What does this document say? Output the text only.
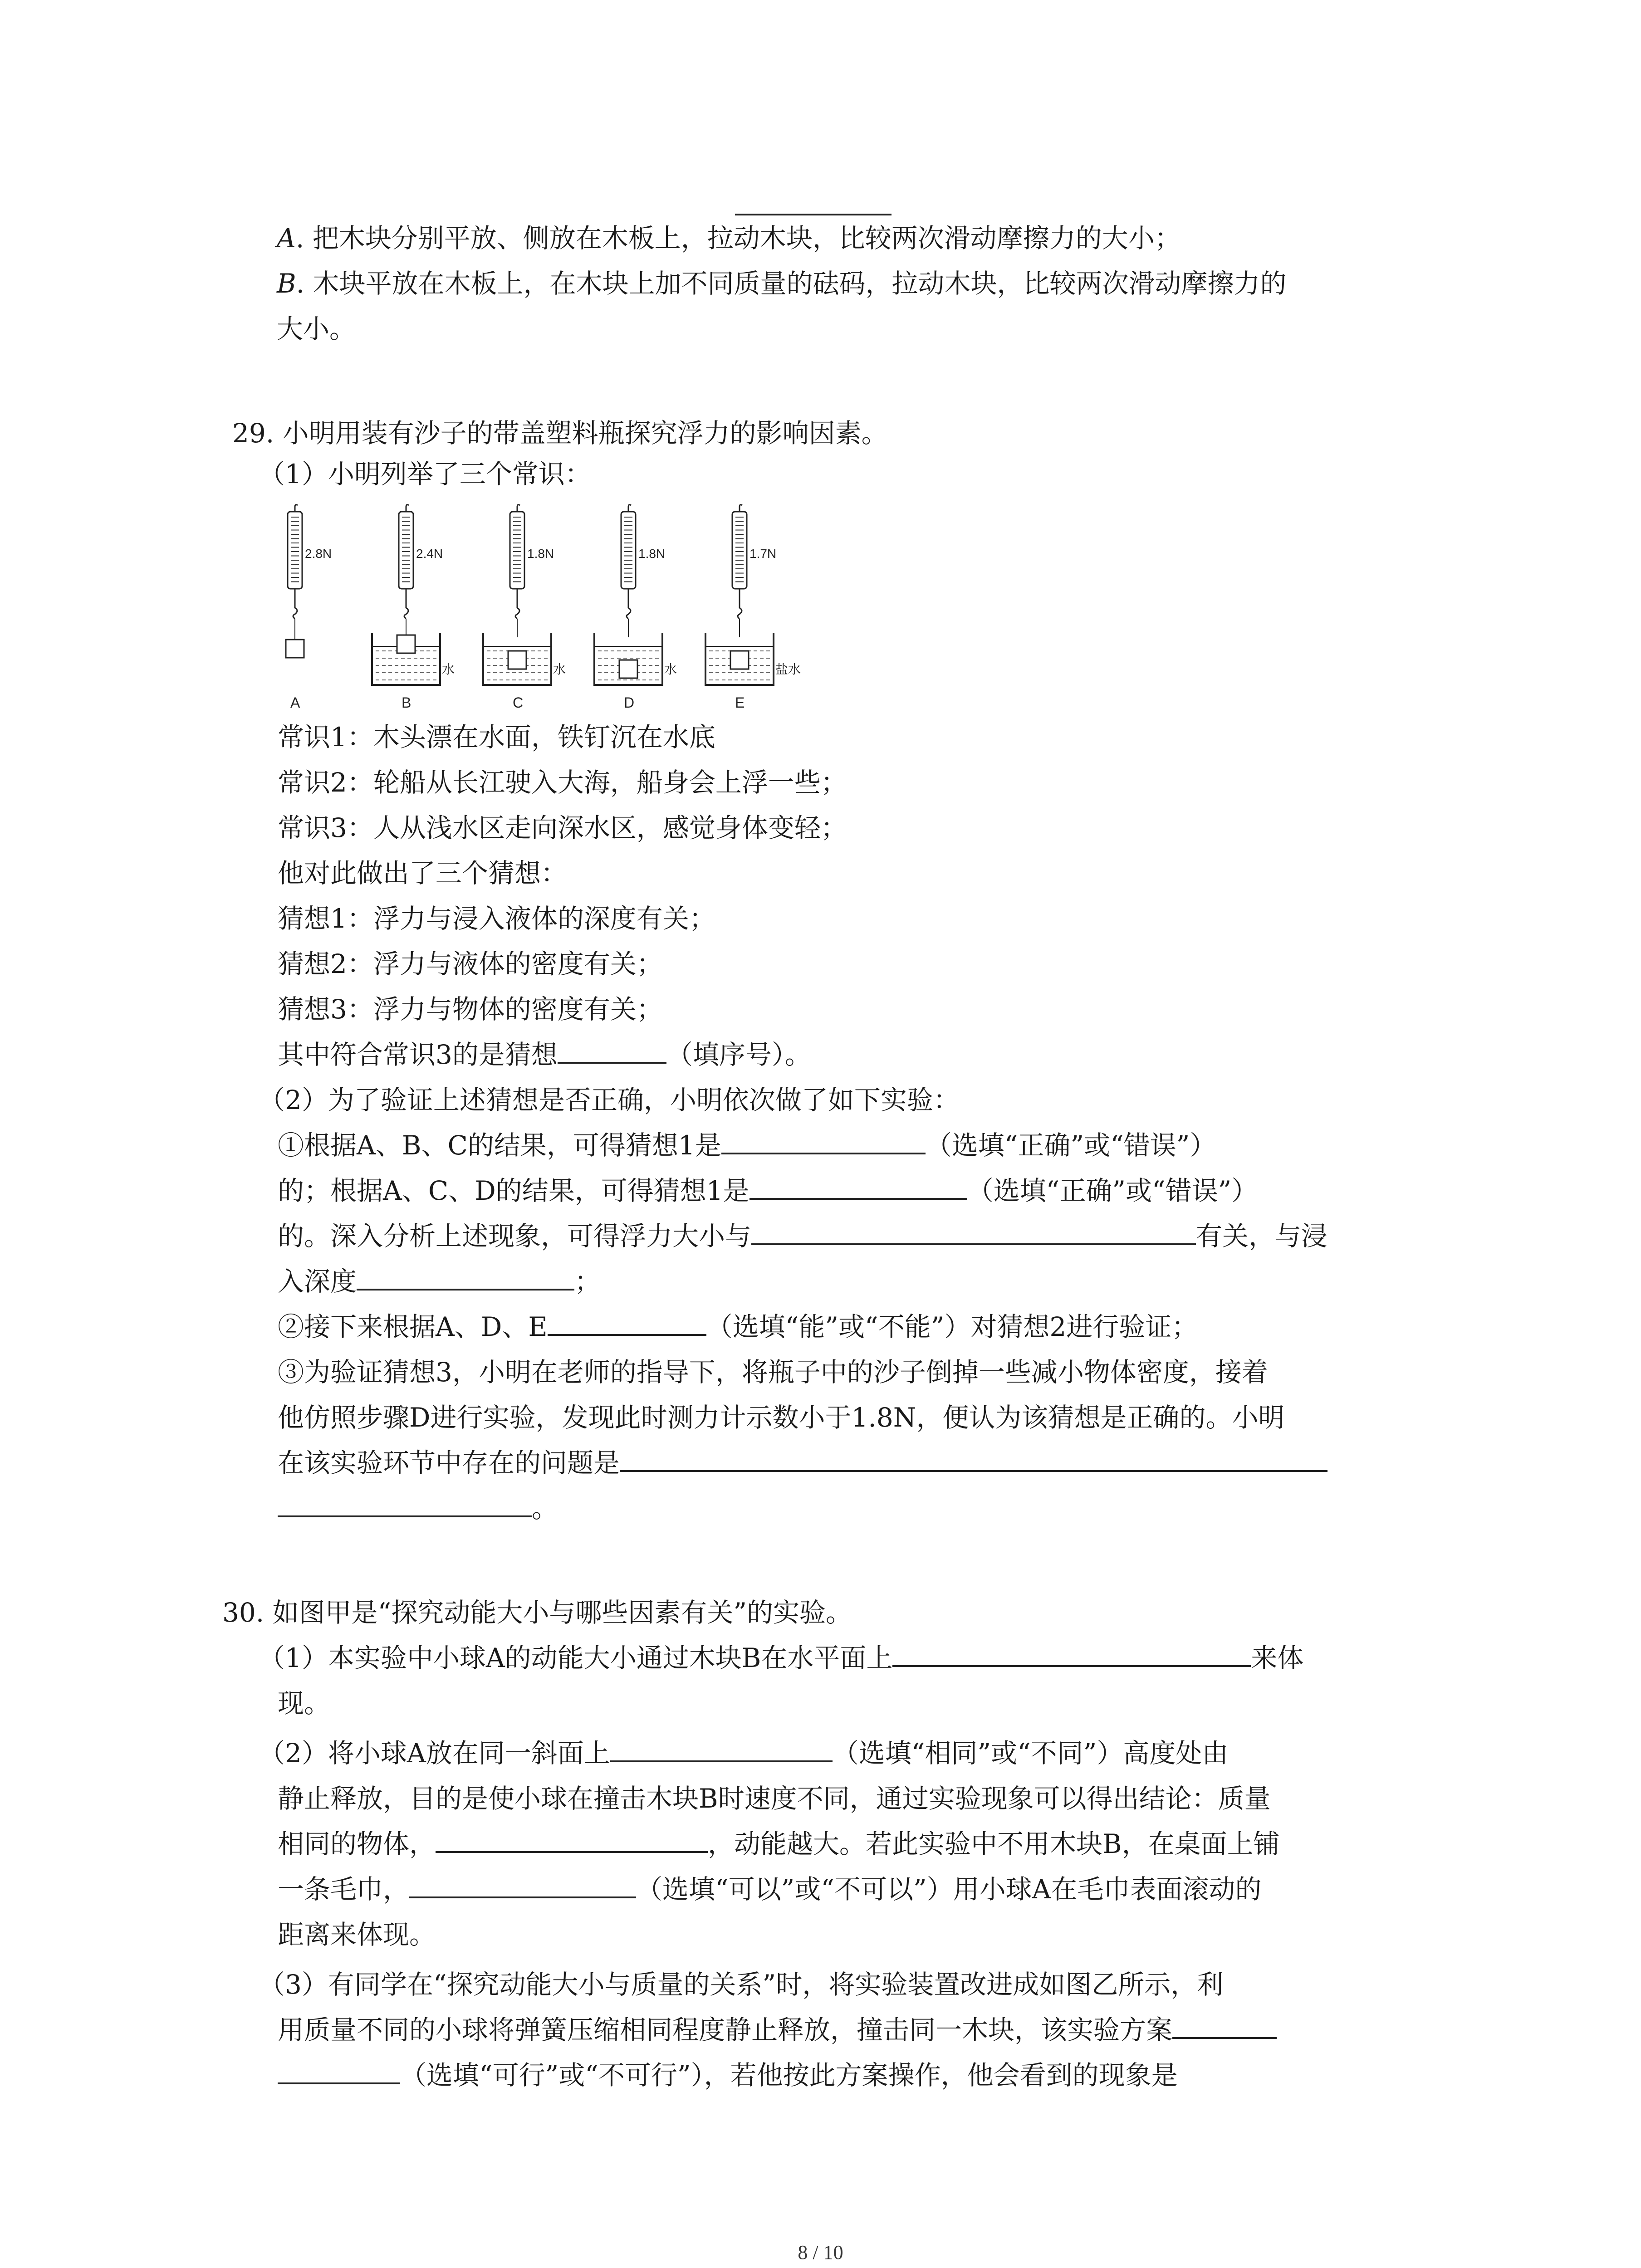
A. 把木块分别平放、侧放在木板上，拉动木块，比较两次滑动摩擦力的大小；
B. 木块平放在木板上，在木块上加不同质量的砝码，拉动木块，比较两次滑动摩擦力的
大小。
29. 小明用装有沙子的带盖塑料瓶探究浮力的影响因素。
（1）小明列举了三个常识：
2.8N
A
2.4N
水
B
1.8N
水
C
1.8N
水
D
1.7N
盐水
E
常识1：木头漂在水面，铁钉沉在水底
常识2：轮船从长江驶入大海，船身会上浮一些；
常识3：人从浅水区走向深水区，感觉身体变轻；
他对此做出了三个猜想：
猜想1：浮力与浸入液体的深度有关；
猜想2：浮力与液体的密度有关；
猜想3：浮力与物体的密度有关；
其中符合常识3的是猜想	（填序号）。
（2）为了验证上述猜想是否正确，小明依次做了如下实验：
①根据A、B、C的结果，可得猜想1是	（选填“正确”或“错误”）
的；根据A、C、D的结果，可得猜想1是	（选填“正确”或“错误”）
的。深入分析上述现象，可得浮力大小与	有关，与浸
入深度	；
②接下来根据A、D、E	（选填“能”或“不能”）对猜想2进行验证；
③为验证猜想3，小明在老师的指导下，将瓶子中的沙子倒掉一些减小物体密度，接着
他仿照步骤D进行实验，发现此时测力计示数小于1.8N，便认为该猜想是正确的。小明
在该实验环节中存在的问题是
。
30. 如图甲是“探究动能大小与哪些因素有关”的实验。
（1）本实验中小球A的动能大小通过木块B在水平面上	来体
现。
（2）将小球A放在同一斜面上	（选填“相同”或“不同”）高度处由
静止释放，目的是使小球在撞击木块B时速度不同，通过实验现象可以得出结论：质量
相同的物体，	，动能越大。若此实验中不用木块B，在桌面上铺
一条毛巾，	（选填“可以”或“不可以”）用小球A在毛巾表面滚动的
距离来体现。
（3）有同学在“探究动能大小与质量的关系”时，将实验装置改进成如图乙所示，利
用质量不同的小球将弹簧压缩相同程度静止释放，撞击同一木块，该实验方案
（选填“可行”或“不可行”），若他按此方案操作，他会看到的现象是
8 / 10
